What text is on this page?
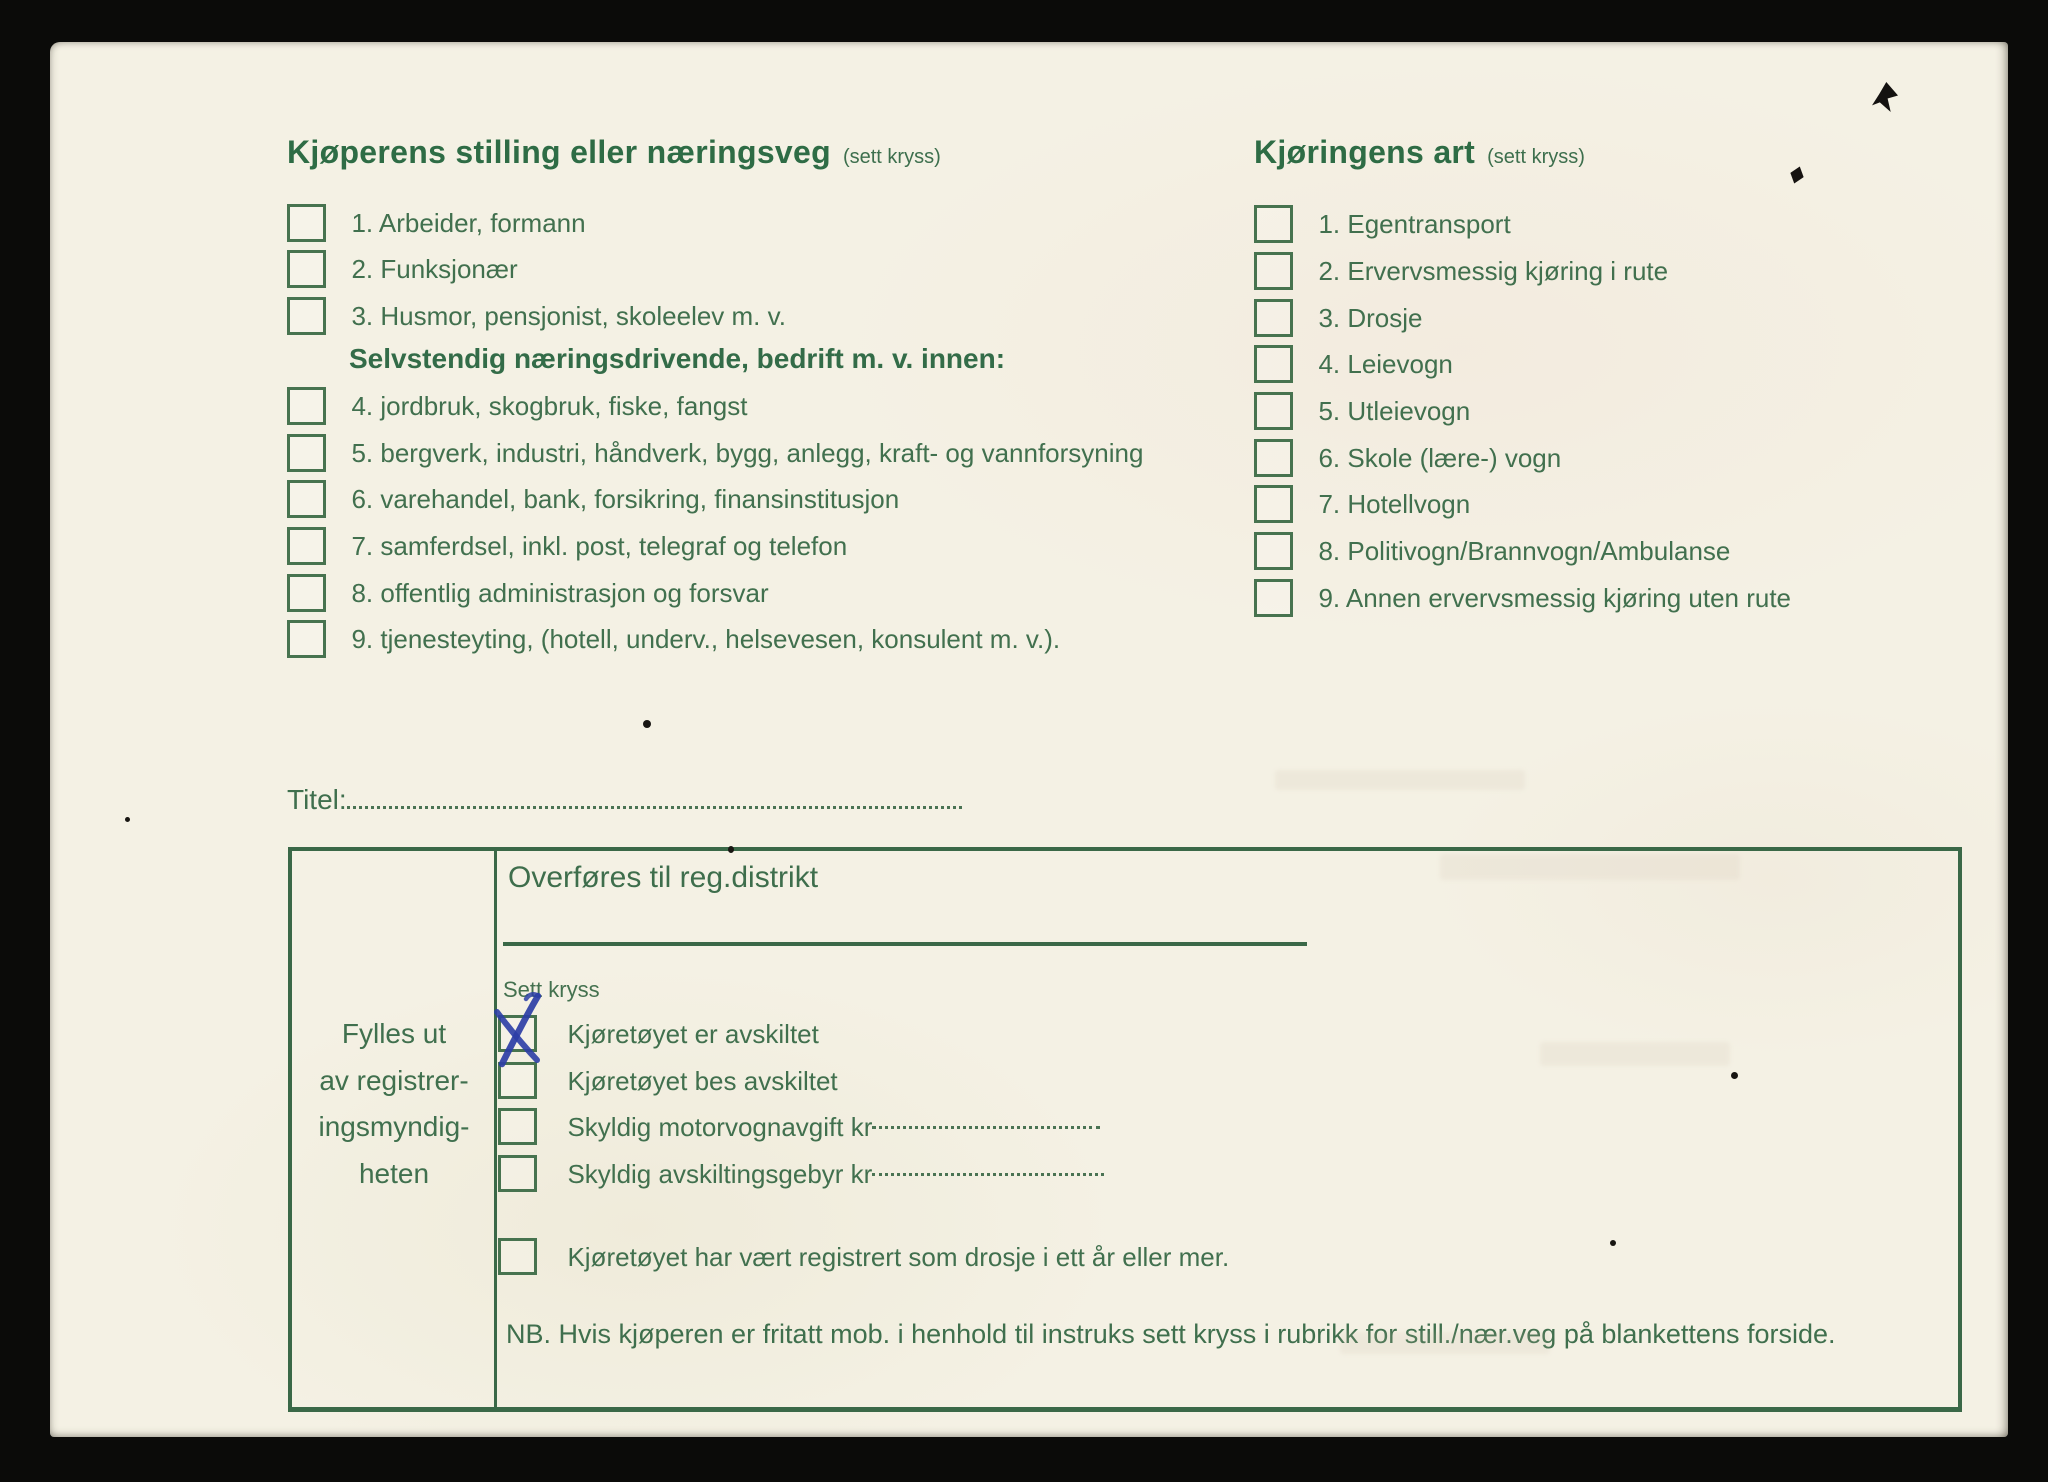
Kjøperens stilling eller næringsveg (sett kryss)
1. Arbeider, formann
2. Funksjonær
3. Husmor, pensjonist, skoleelev m. v.
Selvstendig næringsdrivende, bedrift m. v. innen:
4. jordbruk, skogbruk, fiske, fangst
5. bergverk, industri, håndverk, bygg, anlegg, kraft- og vannforsyning
6. varehandel, bank, forsikring, finansinstitusjon
7. samferdsel, inkl. post, telegraf og telefon
8. offentlig administrasjon og forsvar
9. tjenesteyting, (hotell, underv., helsevesen, konsulent m. v.).
Kjøringens art (sett kryss)
1. Egentransport
2. Ervervsmessig kjøring i rute
3. Drosje
4. Leievogn
5. Utleievogn
6. Skole (lære-) vogn
7. Hotellvogn
8. Politivogn/Brannvogn/Ambulanse
9. Annen ervervsmessig kjøring uten rute
Titel:
Overføres til reg.distrikt
Fylles ut
av registrer-
ingsmyndig-
heten
Sett kryss
Kjøretøyet er avskiltet
Kjøretøyet bes avskiltet
Skyldig motorvognavgift kr
Skyldig avskiltingsgebyr kr
Kjøretøyet har vært registrert som drosje i ett år eller mer.
NB. Hvis kjøperen er fritatt mob. i henhold til instruks sett kryss i rubrikk for still./nær.veg på blankettens forside.
